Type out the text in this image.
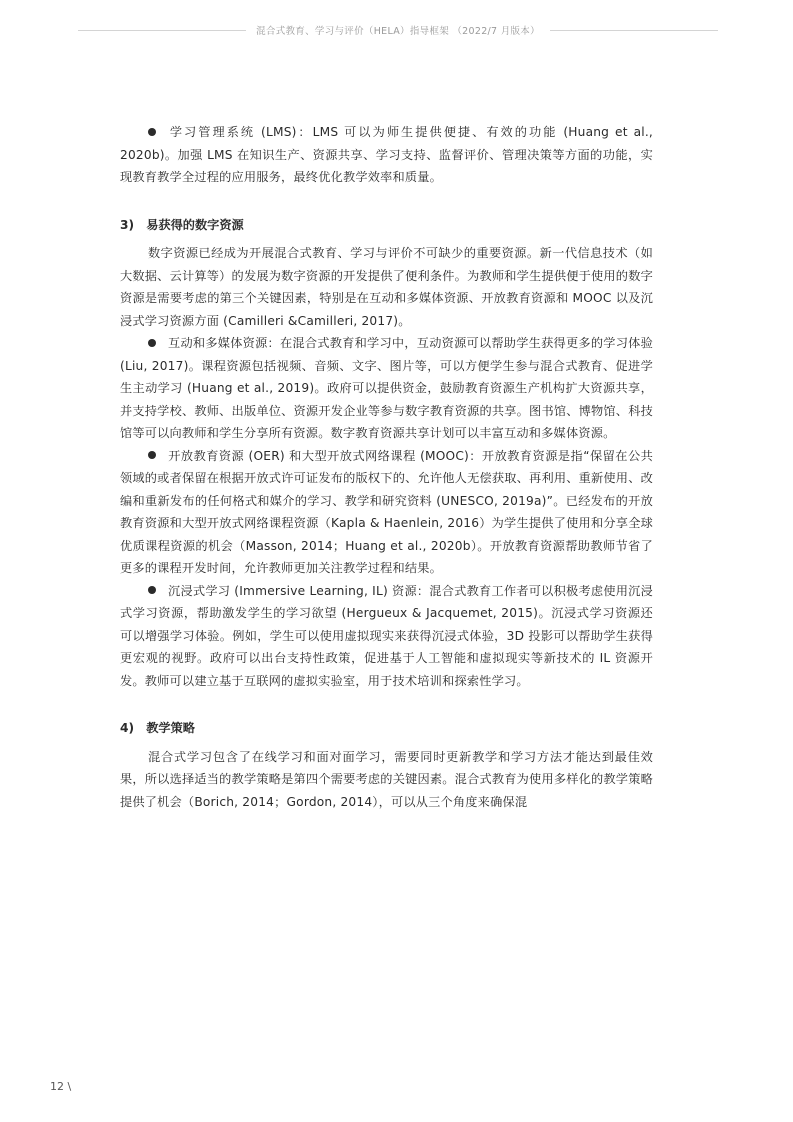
混合式教育、学习与评价（HELA）指导框架 （2022/7 月版本）

学习管理系统 (LMS)：LMS 可以为师生提供便捷、有效的功能 (Huang et al., 2020b)。加强 LMS 在知识生产、资源共享、学习支持、监督评价、管理决策等方面的功能，实现教育教学全过程的应用服务，最终优化教学效率和质量。

3)　易获得的数字资源

数字资源已经成为开展混合式教育、学习与评价不可缺少的重要资源。新一代信息技术（如大数据、云计算等）的发展为数字资源的开发提供了便利条件。为教师和学生提供便于使用的数字资源是需要考虑的第三个关键因素，特别是在互动和多媒体资源、开放教育资源和 MOOC 以及沉浸式学习资源方面 (Camilleri &Camilleri, 2017)。

互动和多媒体资源：在混合式教育和学习中，互动资源可以帮助学生获得更多的学习体验 (Liu, 2017)。课程资源包括视频、音频、文字、图片等，可以方便学生参与混合式教育、促进学生主动学习 (Huang et al., 2019)。政府可以提供资金，鼓励教育资源生产机构扩大资源共享，并支持学校、教师、出版单位、资源开发企业等参与数字教育资源的共享。图书馆、博物馆、科技馆等可以向教师和学生分享所有资源。数字教育资源共享计划可以丰富互动和多媒体资源。

开放教育资源 (OER) 和大型开放式网络课程 (MOOC)：开放教育资源是指“保留在公共领域的或者保留在根据开放式许可证发布的版权下的、允许他人无偿获取、再利用、重新使用、改编和重新发布的任何格式和媒介的学习、教学和研究资料 (UNESCO, 2019a)”。已经发布的开放教育资源和大型开放式网络课程资源（Kapla & Haenlein, 2016）为学生提供了使用和分享全球优质课程资源的机会（Masson, 2014；Huang et al., 2020b）。开放教育资源帮助教师节省了更多的课程开发时间，允许教师更加关注教学过程和结果。

沉浸式学习 (Immersive Learning, IL) 资源：混合式教育工作者可以积极考虑使用沉浸式学习资源，帮助激发学生的学习欲望 (Hergueux & Jacquemet, 2015)。沉浸式学习资源还可以增强学习体验。例如，学生可以使用虚拟现实来获得沉浸式体验，3D 投影可以帮助学生获得更宏观的视野。政府可以出台支持性政策，促进基于人工智能和虚拟现实等新技术的 IL 资源开发。教师可以建立基于互联网的虚拟实验室，用于技术培训和探索性学习。

4)　教学策略

混合式学习包含了在线学习和面对面学习，需要同时更新教学和学习方法才能达到最佳效果，所以选择适当的教学策略是第四个需要考虑的关键因素。混合式教育为使用多样化的教学策略提供了机会（Borich, 2014；Gordon, 2014），可以从三个角度来确保混

12 \
